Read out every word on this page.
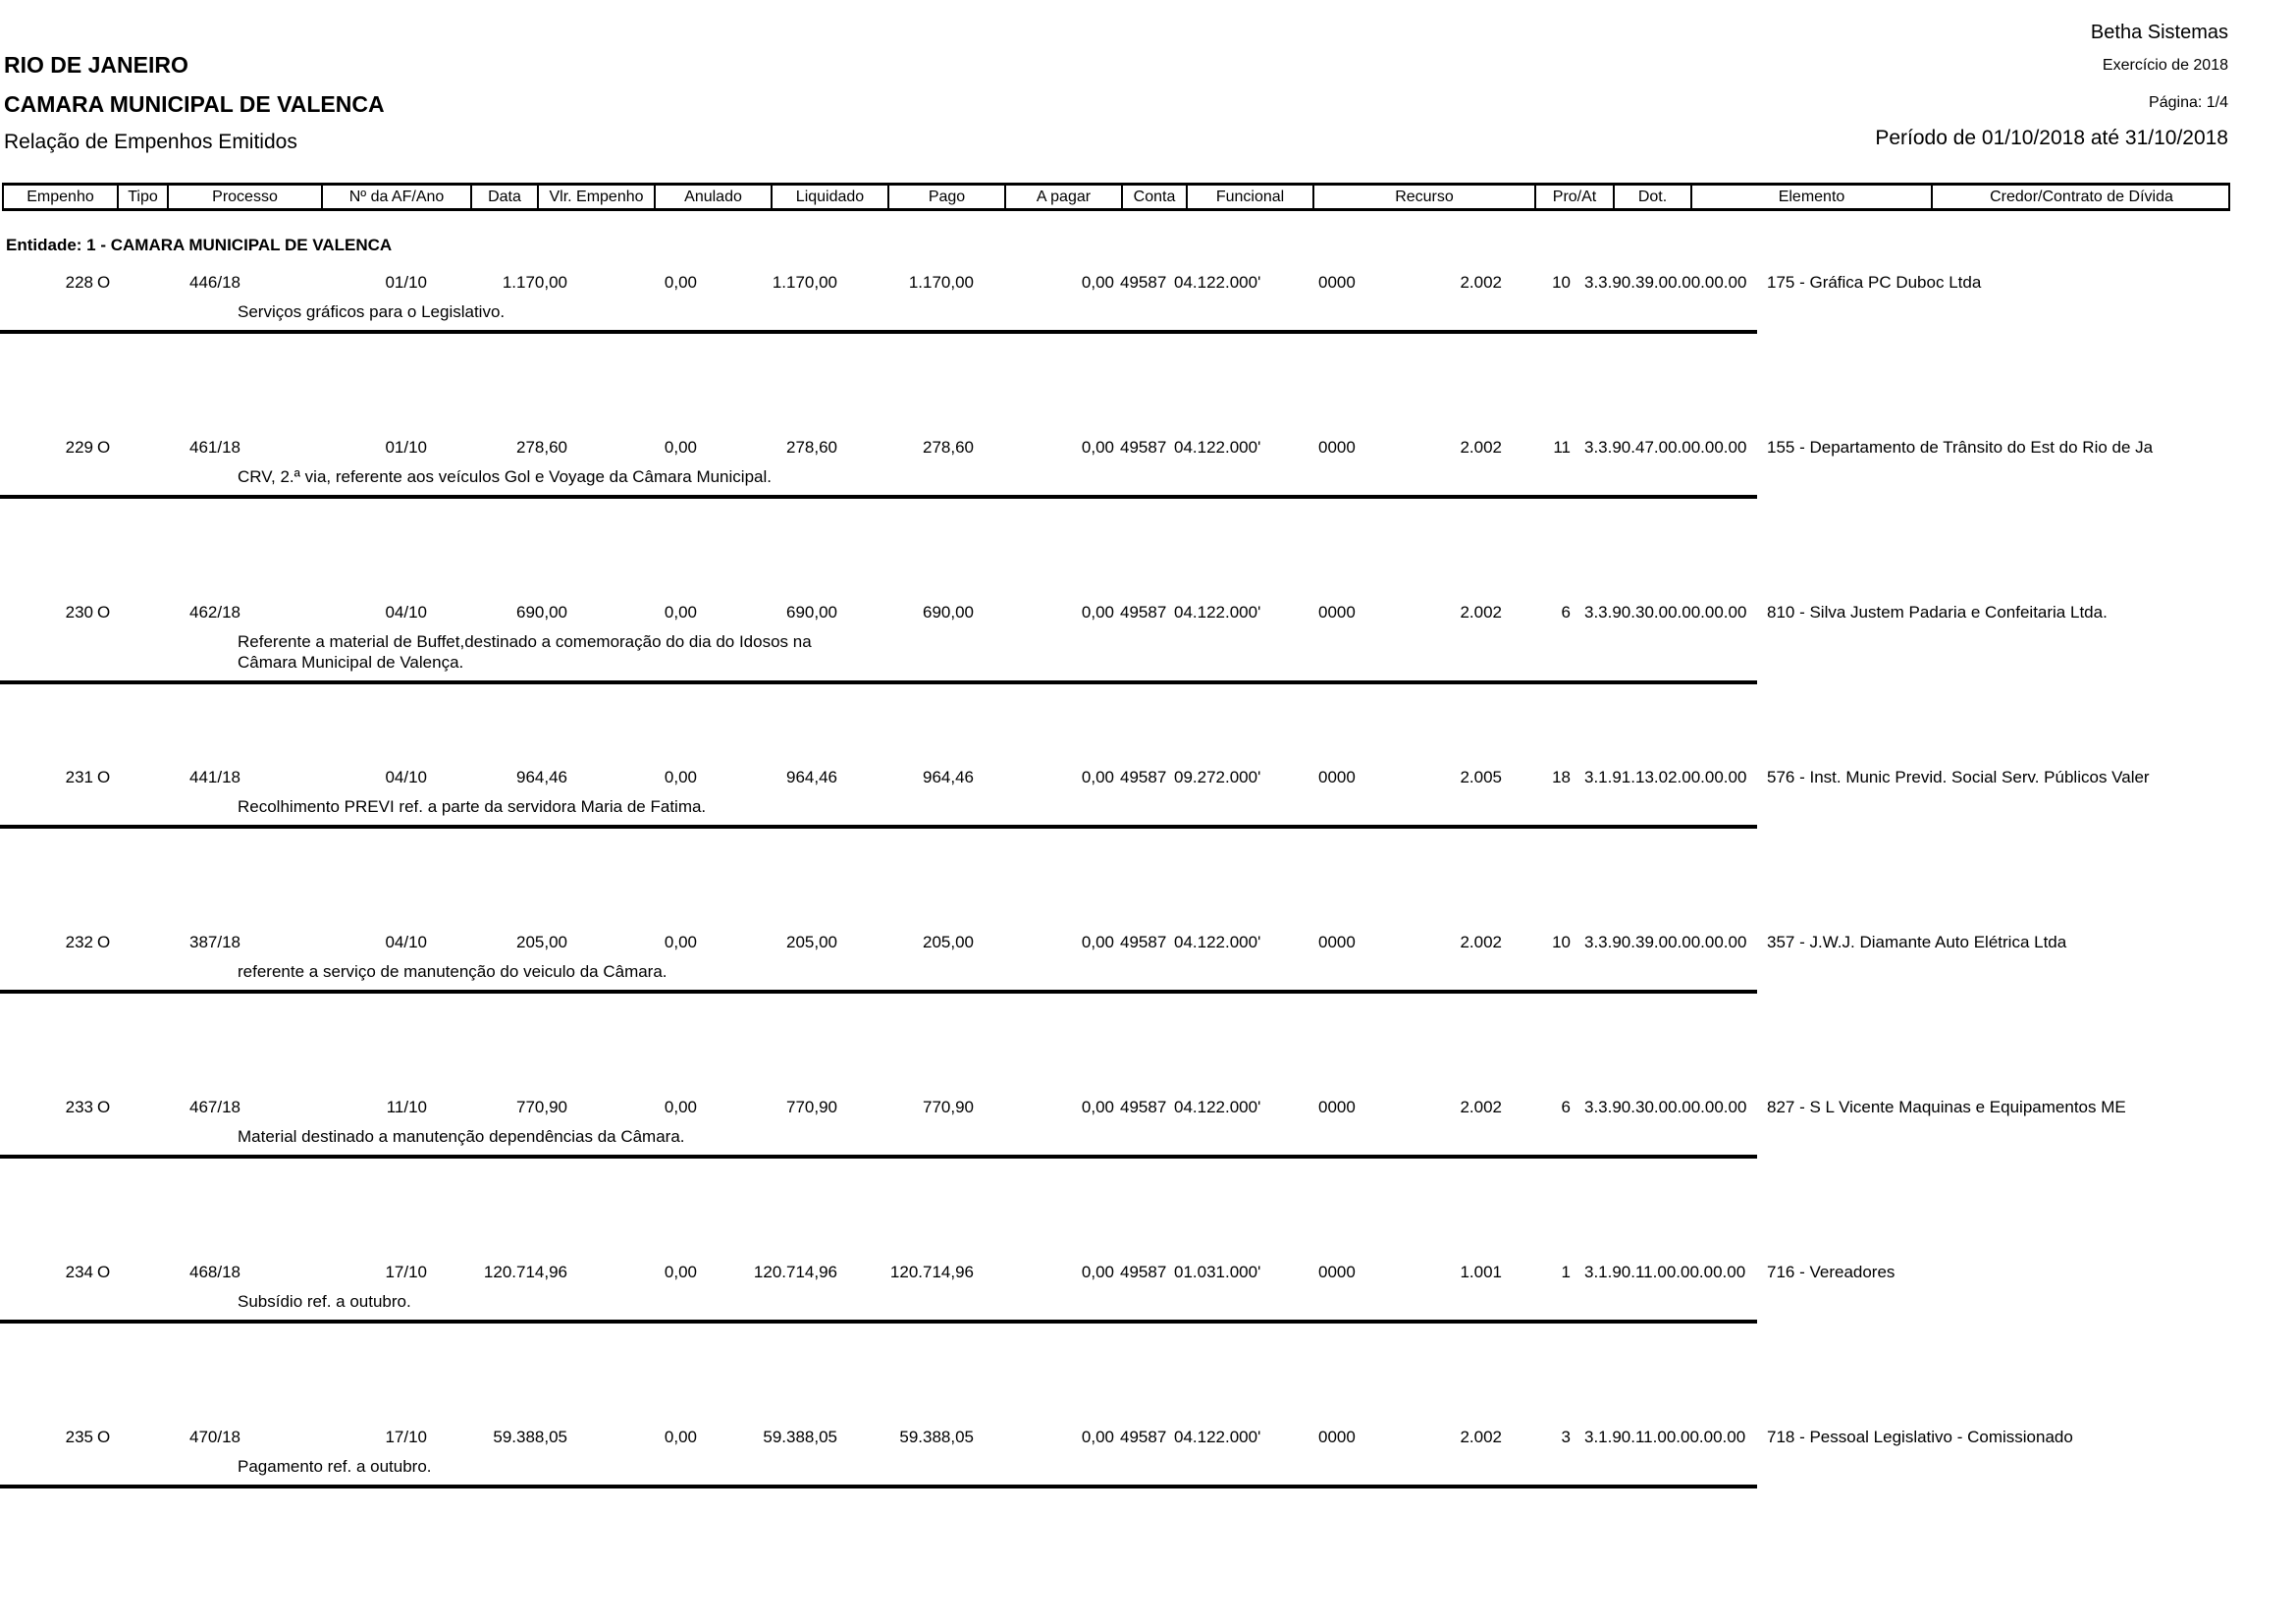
RIO DE JANEIRO
CAMARA MUNICIPAL DE VALENCA
Relação de Empenhos Emitidos
Betha Sistemas
Exercício de 2018
Página: 1/4
Período de 01/10/2018 até 31/10/2018
Empenho	Tipo	Processo	Nº da AF/Ano	Data	Vlr. Empenho	Anulado	Liquidado	Pago	A pagar	Conta	Funcional	Recurso	Pro/At	Dot.	Elemento	Credor/Contrato de Dívida
Entidade: 1 - CAMARA MUNICIPAL DE VALENCA
228 O	446/18	01/10	1.170,00	0,00	1.170,00	1.170,00	0,00 49587 04.122.000'	0000	2.002	10 3.3.90.39.00.00.00.00	175 - Gráfica PC Duboc Ltda
Serviços gráficos para o Legislativo.
229 O	461/18	01/10	278,60	0,00	278,60	278,60	0,00 49587 04.122.000'	0000	2.002	11 3.3.90.47.00.00.00.00	155 - Departamento de Trânsito do Est do Rio de Ja
CRV, 2.ª via, referente aos veículos Gol e Voyage da Câmara Municipal.
230 O	462/18	04/10	690,00	0,00	690,00	690,00	0,00 49587 04.122.000'	0000	2.002	6 3.3.90.30.00.00.00.00	810 - Silva Justem Padaria e Confeitaria Ltda.
Referente a material de Buffet,destinado a comemoração do dia do Idosos na
Câmara Municipal de Valença.
231 O	441/18	04/10	964,46	0,00	964,46	964,46	0,00 49587 09.272.000'	0000	2.005	18 3.1.91.13.02.00.00.00	576 - Inst. Munic Previd. Social Serv. Públicos Valer
Recolhimento PREVI ref. a parte da servidora Maria de Fatima.
232 O	387/18	04/10	205,00	0,00	205,00	205,00	0,00 49587 04.122.000'	0000	2.002	10 3.3.90.39.00.00.00.00	357 - J.W.J. Diamante Auto Elétrica Ltda
referente a serviço de manutenção do veiculo da Câmara.
233 O	467/18	11/10	770,90	0,00	770,90	770,90	0,00 49587 04.122.000'	0000	2.002	6 3.3.90.30.00.00.00.00	827 - S L Vicente Maquinas e Equipamentos ME
Material destinado a manutenção dependências da Câmara.
234 O	468/18	17/10	120.714,96	0,00	120.714,96	120.714,96	0,00 49587 01.031.000'	0000	1.001	1 3.1.90.11.00.00.00.00	716 - Vereadores
Subsídio ref. a outubro.
235 O	470/18	17/10	59.388,05	0,00	59.388,05	59.388,05	0,00 49587 04.122.000'	0000	2.002	3 3.1.90.11.00.00.00.00	718 - Pessoal Legislativo - Comissionado
Pagamento ref. a outubro.
